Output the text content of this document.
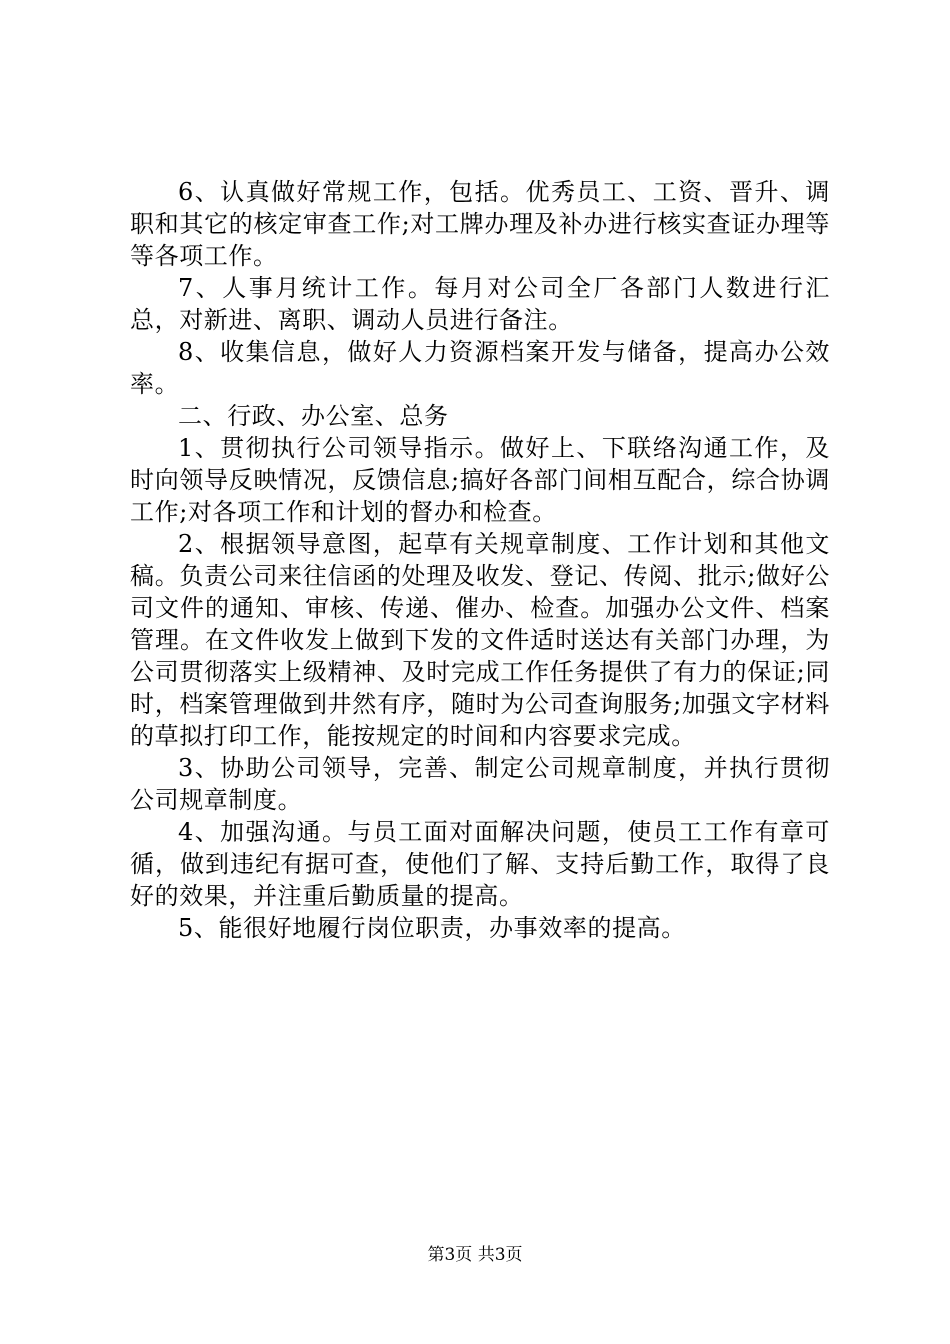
6、认真做好常规工作，包括。优秀员工、工资、晋升、调职和其它的核定审查工作;对工牌办理及补办进行核实查证办理等等各项工作。

7、人事月统计工作。每月对公司全厂各部门人数进行汇总，对新进、离职、调动人员进行备注。

8、收集信息，做好人力资源档案开发与储备，提高办公效率。

二、行政、办公室、总务

1、贯彻执行公司领导指示。做好上、下联络沟通工作，及时向领导反映情况，反馈信息;搞好各部门间相互配合，综合协调工作;对各项工作和计划的督办和检查。

2、根据领导意图，起草有关规章制度、工作计划和其他文稿。负责公司来往信函的处理及收发、登记、传阅、批示;做好公司文件的通知、审核、传递、催办、检查。加强办公文件、档案管理。在文件收发上做到下发的文件适时送达有关部门办理，为公司贯彻落实上级精神、及时完成工作任务提供了有力的保证;同时，档案管理做到井然有序，随时为公司查询服务;加强文字材料的草拟打印工作，能按规定的时间和内容要求完成。

3、协助公司领导，完善、制定公司规章制度，并执行贯彻公司规章制度。

4、加强沟通。与员工面对面解决问题，使员工工作有章可循，做到违纪有据可查，使他们了解、支持后勤工作，取得了良好的效果，并注重后勤质量的提高。

5、能很好地履行岗位职责，办事效率的提高。

第3页 共3页
